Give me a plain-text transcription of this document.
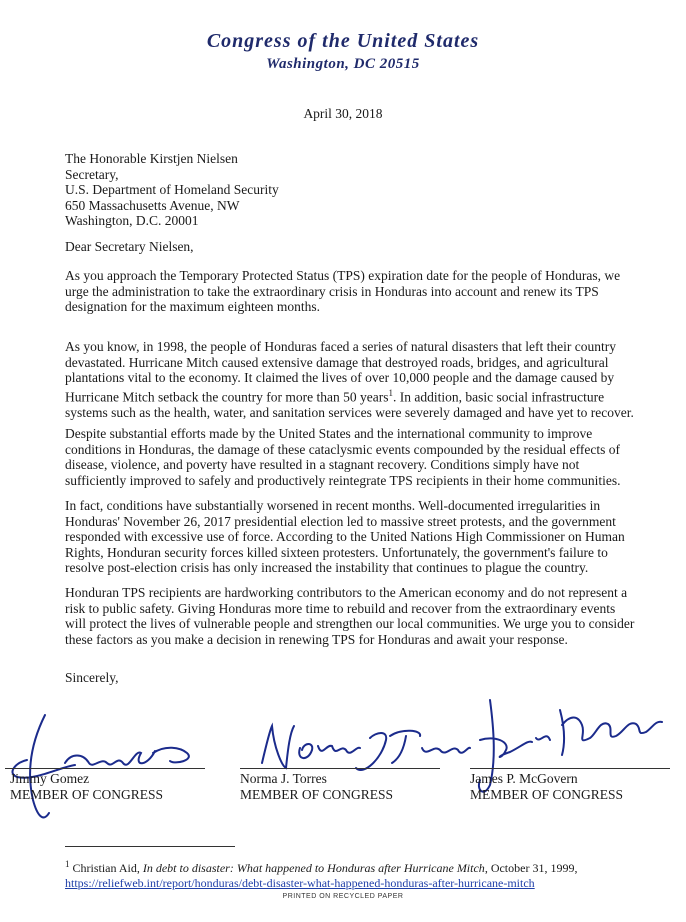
Congress of the United States
Washington, DC 20515
April 30, 2018
The Honorable Kirstjen Nielsen
Secretary,
U.S. Department of Homeland Security
650 Massachusetts Avenue, NW
Washington, D.C. 20001
Dear Secretary Nielsen,
As you approach the Temporary Protected Status (TPS) expiration date for the people of Honduras, we urge the administration to take the extraordinary crisis in Honduras into account and renew its TPS designation for the maximum eighteen months.
As you know, in 1998, the people of Honduras faced a series of natural disasters that left their country devastated. Hurricane Mitch caused extensive damage that destroyed roads, bridges, and agricultural plantations vital to the economy. It claimed the lives of over 10,000 people and the damage caused by Hurricane Mitch setback the country for more than 50 years$^1$. In addition, basic social infrastructure systems such as the health, water, and sanitation services were severely damaged and have yet to recover.
Despite substantial efforts made by the United States and the international community to improve conditions in Honduras, the damage of these cataclysmic events compounded by the residual effects of disease, violence, and poverty have resulted in a stagnant recovery. Conditions simply have not sufficiently improved to safely and productively reintegrate TPS recipients in their home communities.
In fact, conditions have substantially worsened in recent months. Well-documented irregularities in Honduras' November 26, 2017 presidential election led to massive street protests, and the government responded with excessive use of force. According to the United Nations High Commissioner on Human Rights, Honduran security forces killed sixteen protesters. Unfortunately, the government's failure to resolve post-election crisis has only increased the instability that continues to plague the country.
Honduran TPS recipients are hardworking contributors to the American economy and do not represent a risk to public safety. Giving Honduras more time to rebuild and recover from the extraordinary events will protect the lives of vulnerable people and strengthen our local communities. We urge you to consider these factors as you make a decision in renewing TPS for Honduras and await your response.
Sincerely,
Jimmy Gomez
MEMBER OF CONGRESS
Norma J. Torres
MEMBER OF CONGRESS
James P. McGovern
MEMBER OF CONGRESS
$^1$ Christian Aid, In debt to disaster: What happened to Honduras after Hurricane Mitch, October 31, 1999,
https://reliefweb.int/report/honduras/debt-disaster-what-happened-honduras-after-hurricane-mitch
PRINTED ON RECYCLED PAPER
